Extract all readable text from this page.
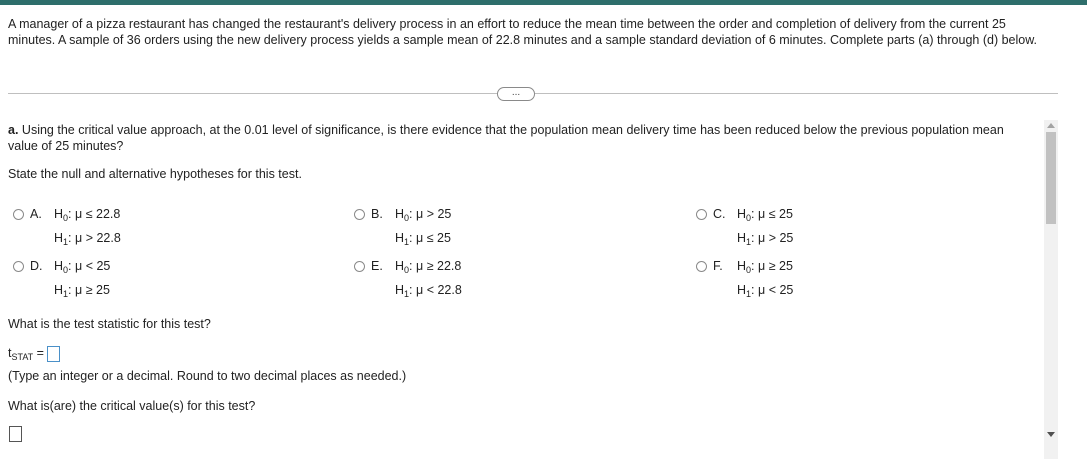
A manager of a pizza restaurant has changed the restaurant's delivery process in an effort to reduce the mean time between the order and completion of delivery from the current 25 minutes. A sample of 36 orders using the new delivery process yields a sample mean of 22.8 minutes and a sample standard deviation of 6 minutes. Complete parts (a) through (d) below.
...
a. Using the critical value approach, at the 0.01 level of significance, is there evidence that the population mean delivery time has been reduced below the previous population mean value of 25 minutes?
State the null and alternative hypotheses for this test.
A. $H_0$: μ ≤ 22.8
$H_1$: μ > 22.8
B. $H_0$: μ > 25
$H_1$: μ ≤ 25
C. $H_0$: μ ≤ 25
$H_1$: μ > 25
D. $H_0$: μ < 25
$H_1$: μ ≥ 25
E. $H_0$: μ ≥ 22.8
$H_1$: μ < 22.8
F.	$H_0$: μ ≥ 25
$H_1$: μ < 25
What is the test statistic for this test?
$t_{STAT}$ =
(Type an integer or a decimal. Round to two decimal places as needed.)
What is(are) the critical value(s) for this test?
